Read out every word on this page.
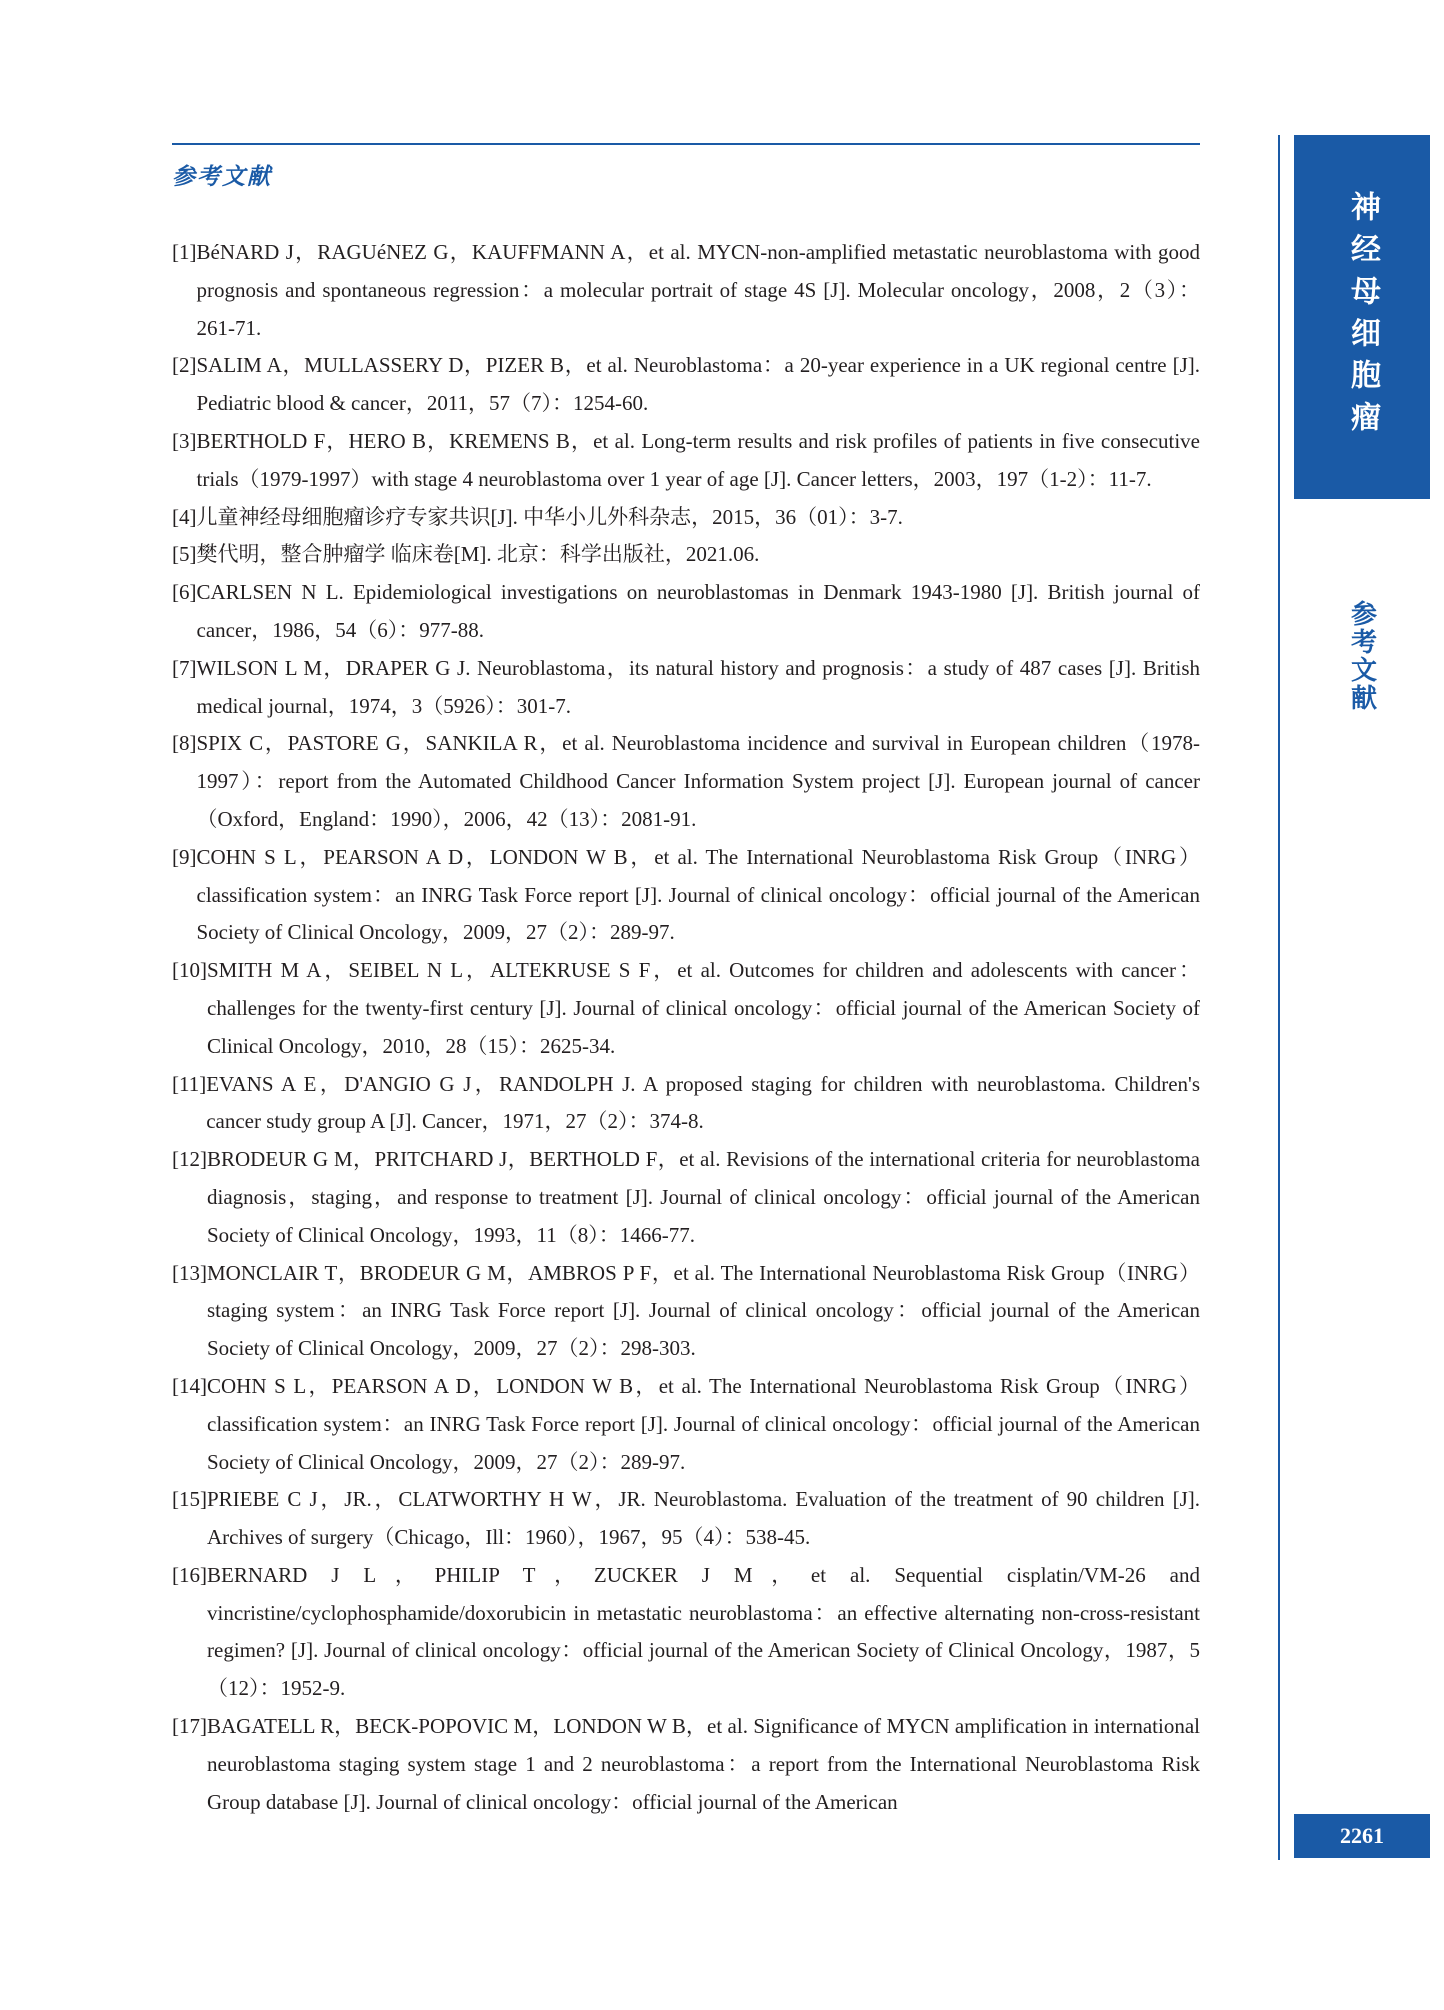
参考文献
[1] BéNARD J，RAGUéNEZ G，KAUFFMANN A，et al. MYCN-non-amplified metastatic neuroblastoma with good prognosis and spontaneous regression：a molecular portrait of stage 4S [J]. Molecular oncology，2008，2（3）：261-71.
[2] SALIM A，MULLASSERY D，PIZER B，et al. Neuroblastoma：a 20-year experience in a UK regional centre [J]. Pediatric blood & cancer，2011，57（7）：1254-60.
[3] BERTHOLD F，HERO B，KREMENS B，et al. Long-term results and risk profiles of patients in five consecutive trials（1979-1997）with stage 4 neuroblastoma over 1 year of age [J]. Cancer letters，2003，197（1-2）：11-7.
[4] 儿童神经母细胞瘤诊疗专家共识[J]. 中华小儿外科杂志，2015，36（01）：3-7.
[5] 樊代明，整合肿瘤学 临床卷[M]. 北京：科学出版社，2021.06.
[6] CARLSEN N L. Epidemiological investigations on neuroblastomas in Denmark 1943-1980 [J]. British journal of cancer，1986，54（6）：977-88.
[7] WILSON L M，DRAPER G J. Neuroblastoma，its natural history and prognosis：a study of 487 cases [J]. British medical journal，1974，3（5926）：301-7.
[8] SPIX C，PASTORE G，SANKILA R，et al. Neuroblastoma incidence and survival in European children（1978-1997）：report from the Automated Childhood Cancer Information System project [J]. European journal of cancer（Oxford，England：1990），2006，42（13）：2081-91.
[9] COHN S L，PEARSON A D，LONDON W B，et al. The International Neuroblastoma Risk Group（INRG）classification system：an INRG Task Force report [J]. Journal of clinical oncology：official journal of the American Society of Clinical Oncology，2009，27（2）：289-97.
[10] SMITH M A，SEIBEL N L，ALTEKRUSE S F，et al. Outcomes for children and adolescents with cancer：challenges for the twenty-first century [J]. Journal of clinical oncology：official journal of the American Society of Clinical Oncology，2010，28（15）：2625-34.
[11] EVANS A E，D'ANGIO G J，RANDOLPH J. A proposed staging for children with neuroblastoma. Children's cancer study group A [J]. Cancer，1971，27（2）：374-8.
[12] BRODEUR G M，PRITCHARD J，BERTHOLD F，et al. Revisions of the international criteria for neuroblastoma diagnosis，staging，and response to treatment [J]. Journal of clinical oncology：official journal of the American Society of Clinical Oncology，1993，11（8）：1466-77.
[13] MONCLAIR T，BRODEUR G M，AMBROS P F，et al. The International Neuroblastoma Risk Group（INRG）staging system：an INRG Task Force report [J]. Journal of clinical oncology：official journal of the American Society of Clinical Oncology，2009，27（2）：298-303.
[14] COHN S L，PEARSON A D，LONDON W B，et al. The International Neuroblastoma Risk Group（INRG）classification system：an INRG Task Force report [J]. Journal of clinical oncology：official journal of the American Society of Clinical Oncology，2009，27（2）：289-97.
[15] PRIEBE C J，JR.，CLATWORTHY H W，JR. Neuroblastoma. Evaluation of the treatment of 90 children [J]. Archives of surgery（Chicago，Ill：1960），1967，95（4）：538-45.
[16] BERNARD J L，PHILIP T，ZUCKER J M，et al. Sequential cisplatin/VM-26 and vincristine/cyclophosphamide/doxorubicin in metastatic neuroblastoma：an effective alternating non-cross-resistant regimen? [J]. Journal of clinical oncology：official journal of the American Society of Clinical Oncology，1987，5（12）：1952-9.
[17] BAGATELL R，BECK-POPOVIC M，LONDON W B，et al. Significance of MYCN amplification in international neuroblastoma staging system stage 1 and 2 neuroblastoma：a report from the International Neuroblastoma Risk Group database [J]. Journal of clinical oncology：official journal of the American
神经母细胞瘤
参考文献
2261
